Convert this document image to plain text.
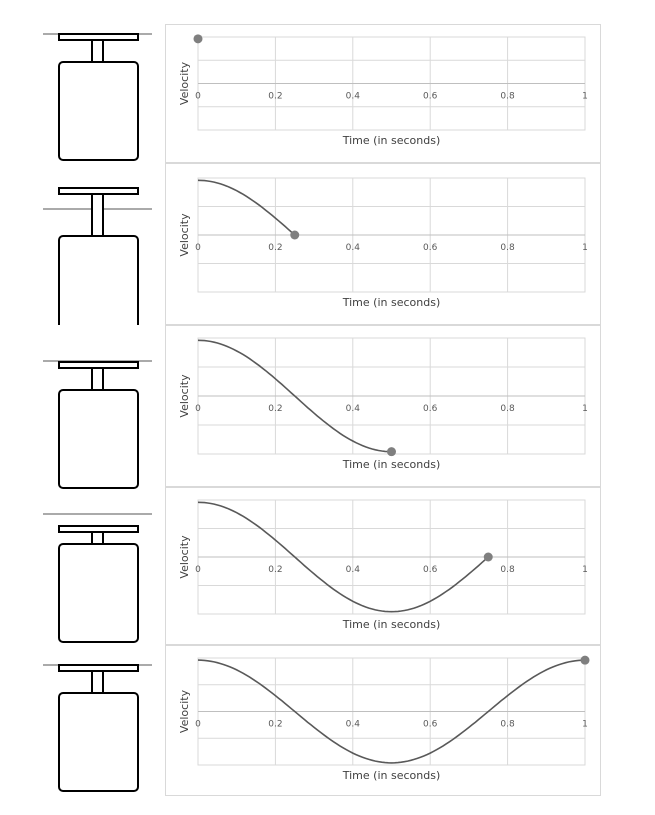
0	0.2	0.4	0.6	0.8	1
Time (in seconds)
Velocity
0	0.2	0.4	0.6	0.8	1
Time (in seconds)
Velocity
0	0.2	0.4	0.6	0.8	1
Time (in seconds)
Velocity
0	0.2	0.4	0.6	0.8	1
Time (in seconds)
Velocity
0	0.2	0.4	0.6	0.8	1
Time (in seconds)
Velocity
